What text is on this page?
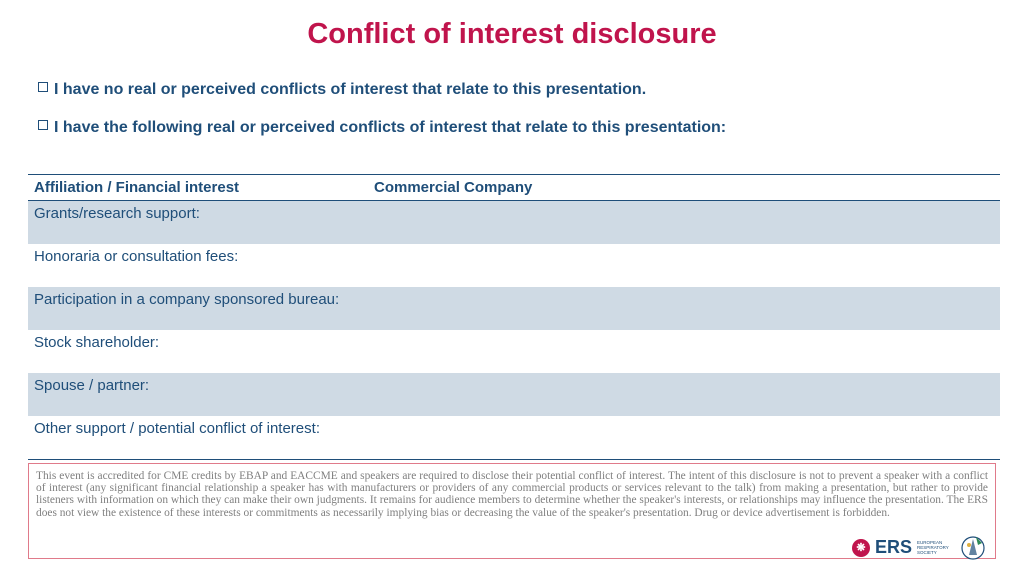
Conflict of interest disclosure
I have no real or perceived conflicts of interest that relate to this presentation.
I have the following real or perceived conflicts of interest that relate to this presentation:
Affiliation / Financial interest	Commercial Company
Grants/research support:	
Honoraria or consultation fees:	
Participation in a company sponsored bureau:	
Stock shareholder:	
Spouse / partner:	
Other support / potential conflict of interest:	
This event is accredited for CME credits by EBAP and EACCME and speakers are required to disclose their potential conflict of interest. The intent of this disclosure is not to prevent a speaker with a conflict of interest (any significant financial relationship a speaker has with manufacturers or providers of any commercial products or services relevant to the talk) from making a presentation, but rather to provide listeners with information on which they can make their own judgments. It remains for audience members to determine whether the speaker's interests, or relationships may influence the presentation. The ERS does not view the existence of these interests or commitments as necessarily implying bias or decreasing the value of the speaker's presentation. Drug or device advertisement is forbidden.
❋ ERS EUROPEAN RESPIRATORY SOCIETY
